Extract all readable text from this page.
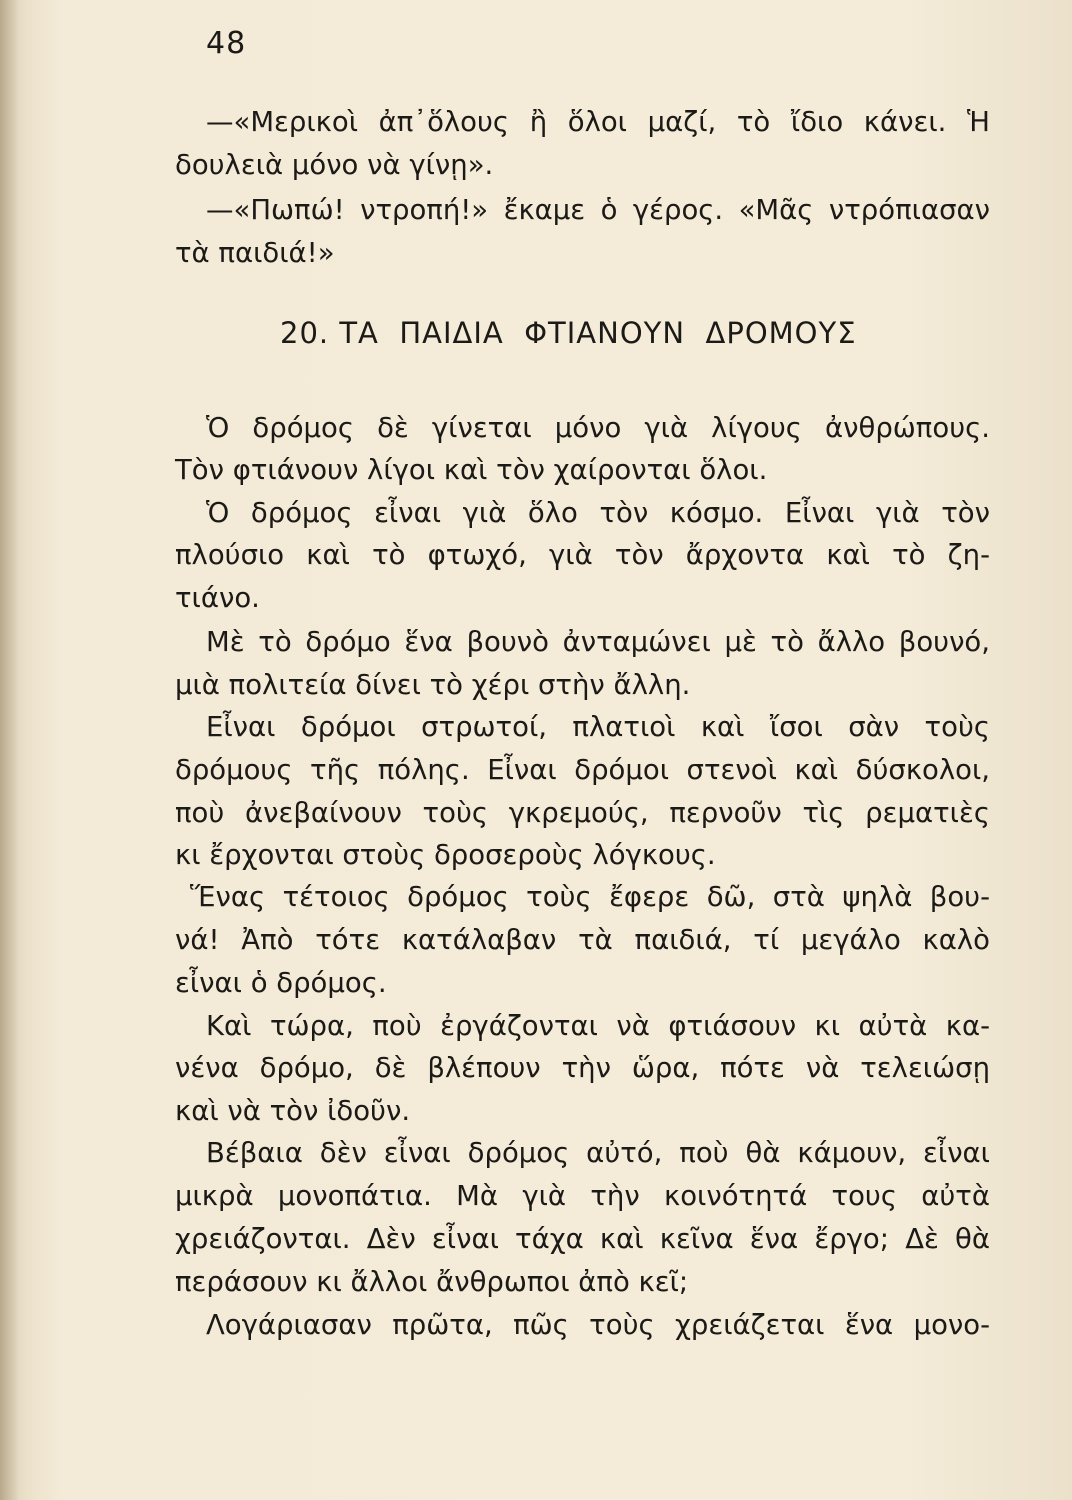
48
—«Μερικοὶ ἀπ᾿ὅλους ἢ ὅλοι μαζί, τὸ ἴδιο κάνει. Ἡ
δουλειὰ μόνο νὰ γίνῃ».
—«Πωπώ! ντροπή!» ἔκαμε ὁ γέρος. «Μᾶς ντρόπιασαν
τὰ παιδιά!»
20. ΤΑ  ΠΑΙΔΙΑ  ΦΤΙΑΝΟΥΝ  ΔΡΟΜΟΥΣ
Ὁ δρόμος δὲ γίνεται μόνο γιὰ λίγους ἀνθρώπους.
Τὸν φτιάνουν λίγοι καὶ τὸν χαίρονται ὅλοι.
Ὁ δρόμος εἶναι γιὰ ὅλο τὸν κόσμο. Εἶναι γιὰ τὸν
πλούσιο καὶ τὸ φτωχό, γιὰ τὸν ἄρχοντα καὶ τὸ ζη-
τιάνο.
Μὲ τὸ δρόμο ἕνα βουνὸ ἀνταμώνει μὲ τὸ ἄλλο βουνό,
μιὰ πολιτεία δίνει τὸ χέρι στὴν ἄλλη.
Εἶναι δρόμοι στρωτοί, πλατιοὶ καὶ ἴσοι σὰν τοὺς
δρόμους τῆς πόλης. Εἶναι δρόμοι στενοὶ καὶ δύσκολοι,
ποὺ ἀνεβαίνουν τοὺς γκρεμούς, περνοῦν τὶς ρεματιὲς
κι ἔρχονται στοὺς δροσεροὺς λόγκους.
Ἕνας τέτοιος δρόμος τοὺς ἔφερε δῶ, στὰ ψηλὰ βου-
νά! Ἀπὸ τότε κατάλαβαν τὰ παιδιά, τί μεγάλο καλὸ
εἶναι ὁ δρόμος.
Καὶ τώρα, ποὺ ἐργάζονται νὰ φτιάσουν κι αὐτὰ κα-
νένα δρόμο, δὲ βλέπουν τὴν ὥρα, πότε νὰ τελειώσῃ
καὶ νὰ τὸν ἰδοῦν.
Βέβαια δὲν εἶναι δρόμος αὐτό, ποὺ θὰ κάμουν, εἶναι
μικρὰ μονοπάτια. Μὰ γιὰ τὴν κοινότητά τους αὐτὰ
χρειάζονται. Δὲν εἶναι τάχα καὶ κεῖνα ἕνα ἔργο; Δὲ θὰ
περάσουν κι ἄλλοι ἄνθρωποι ἀπὸ κεῖ;
Λογάριασαν πρῶτα, πῶς τοὺς χρειάζεται ἕνα μονο-
